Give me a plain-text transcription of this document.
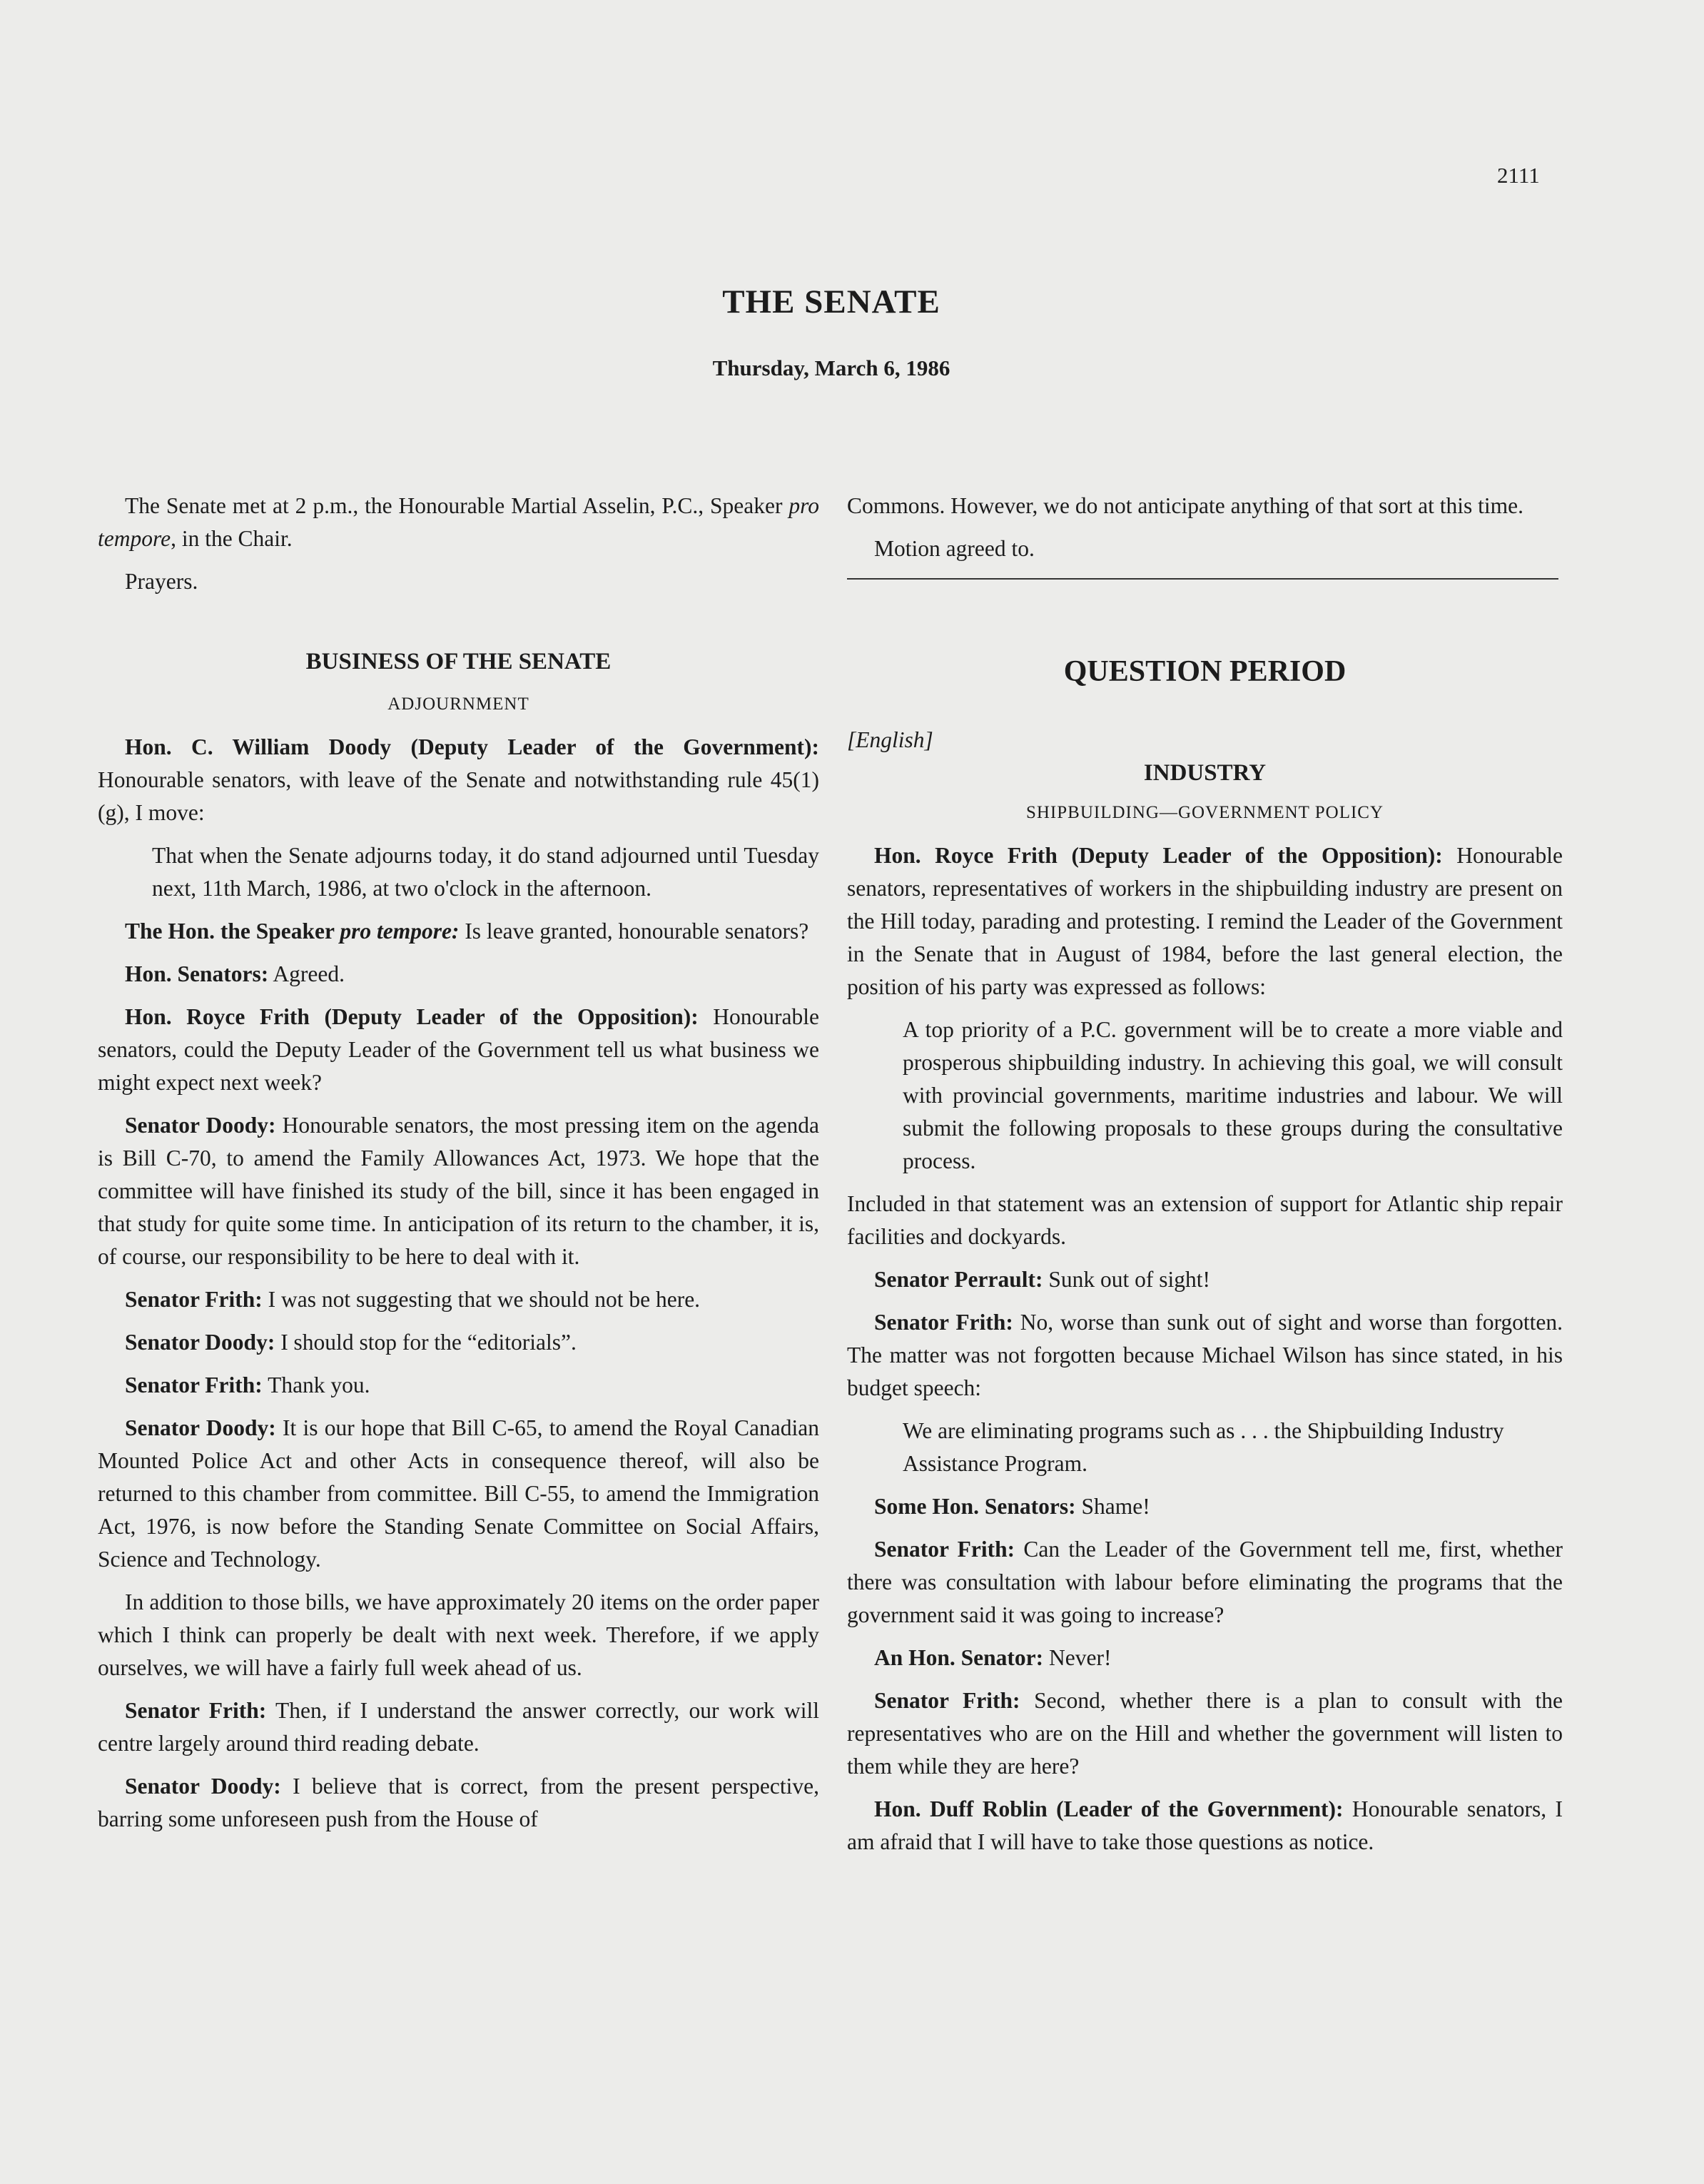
2111
THE SENATE
Thursday, March 6, 1986

The Senate met at 2 p.m., the Honourable Martial Asselin, P.C., Speaker pro tempore, in the Chair.

Prayers.

BUSINESS OF THE SENATE
ADJOURNMENT

Hon. C. William Doody (Deputy Leader of the Government): Honourable senators, with leave of the Senate and notwithstanding rule 45(1)(g), I move:

That when the Senate adjourns today, it do stand adjourned until Tuesday next, 11th March, 1986, at two o'clock in the afternoon.

The Hon. the Speaker pro tempore: Is leave granted, honourable senators?

Hon. Senators: Agreed.

Hon. Royce Frith (Deputy Leader of the Opposition): Honourable senators, could the Deputy Leader of the Government tell us what business we might expect next week?

Senator Doody: Honourable senators, the most pressing item on the agenda is Bill C-70, to amend the Family Allowances Act, 1973. We hope that the committee will have finished its study of the bill, since it has been engaged in that study for quite some time. In anticipation of its return to the chamber, it is, of course, our responsibility to be here to deal with it.

Senator Frith: I was not suggesting that we should not be here.

Senator Doody: I should stop for the “editorials”.

Senator Frith: Thank you.

Senator Doody: It is our hope that Bill C-65, to amend the Royal Canadian Mounted Police Act and other Acts in consequence thereof, will also be returned to this chamber from committee. Bill C-55, to amend the Immigration Act, 1976, is now before the Standing Senate Committee on Social Affairs, Science and Technology.

In addition to those bills, we have approximately 20 items on the order paper which I think can properly be dealt with next week. Therefore, if we apply ourselves, we will have a fairly full week ahead of us.

Senator Frith: Then, if I understand the answer correctly, our work will centre largely around third reading debate.

Senator Doody: I believe that is correct, from the present perspective, barring some unforeseen push from the House of

Commons. However, we do not anticipate anything of that sort at this time.

Motion agreed to.

QUESTION PERIOD
[English]
INDUSTRY
SHIPBUILDING—GOVERNMENT POLICY

Hon. Royce Frith (Deputy Leader of the Opposition): Honourable senators, representatives of workers in the shipbuilding industry are present on the Hill today, parading and protesting. I remind the Leader of the Government in the Senate that in August of 1984, before the last general election, the position of his party was expressed as follows:

A top priority of a P.C. government will be to create a more viable and prosperous shipbuilding industry. In achieving this goal, we will consult with provincial governments, maritime industries and labour. We will submit the following proposals to these groups during the consultative process.

Included in that statement was an extension of support for Atlantic ship repair facilities and dockyards.

Senator Perrault: Sunk out of sight!

Senator Frith: No, worse than sunk out of sight and worse than forgotten. The matter was not forgotten because Michael Wilson has since stated, in his budget speech:

We are eliminating programs such as . . . the Shipbuilding Industry Assistance Program.

Some Hon. Senators: Shame!

Senator Frith: Can the Leader of the Government tell me, first, whether there was consultation with labour before eliminating the programs that the government said it was going to increase?

An Hon. Senator: Never!

Senator Frith: Second, whether there is a plan to consult with the representatives who are on the Hill and whether the government will listen to them while they are here?

Hon. Duff Roblin (Leader of the Government): Honourable senators, I am afraid that I will have to take those questions as notice.
